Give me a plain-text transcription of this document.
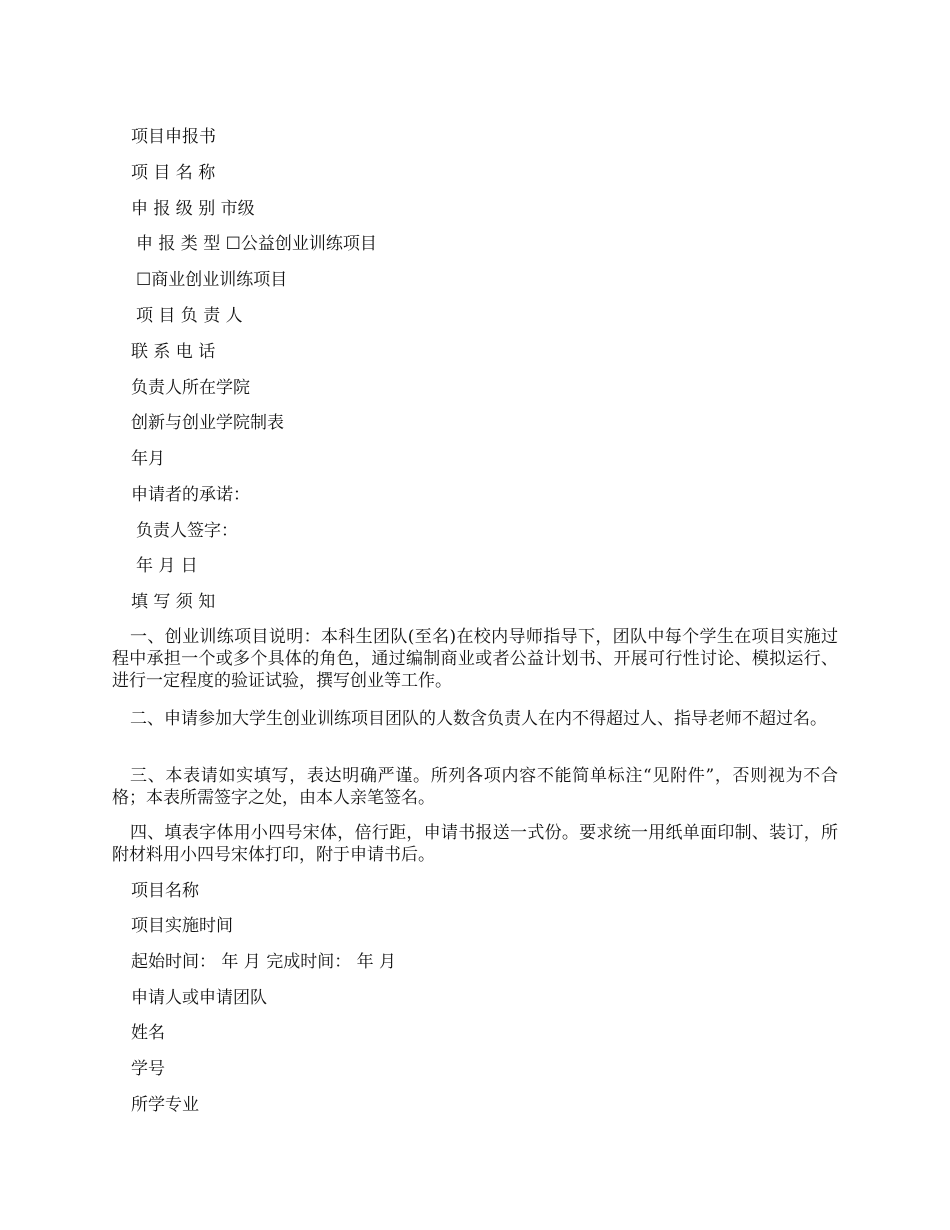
项目申报书
项 目 名 称
申 报 级 别 市级
申 报 类 型 ☐公益创业训练项目
☐商业创业训练项目
项 目 负 责 人
联 系 电 话
负责人所在学院
创新与创业学院制表
年月
申请者的承诺：
负责人签字：
年 月 日
填 写 须 知
一、创业训练项目说明：本科生团队(至名)在校内导师指导下，团队中每个学生在项目实施过程中承担一个或多个具体的角色，通过编制商业或者公益计划书、开展可行性讨论、模拟运行、进行一定程度的验证试验，撰写创业等工作。
二、申请参加大学生创业训练项目团队的人数含负责人在内不得超过人、指导老师不超过名。
三、本表请如实填写，表达明确严谨。所列各项内容不能简单标注“见附件”，否则视为不合格；本表所需签字之处，由本人亲笔签名。
四、填表字体用小四号宋体，倍行距，申请书报送一式份。要求统一用纸单面印制、装订，所附材料用小四号宋体打印，附于申请书后。
项目名称
项目实施时间
起始时间： 年 月 完成时间： 年 月
申请人或申请团队
姓名
学号
所学专业
